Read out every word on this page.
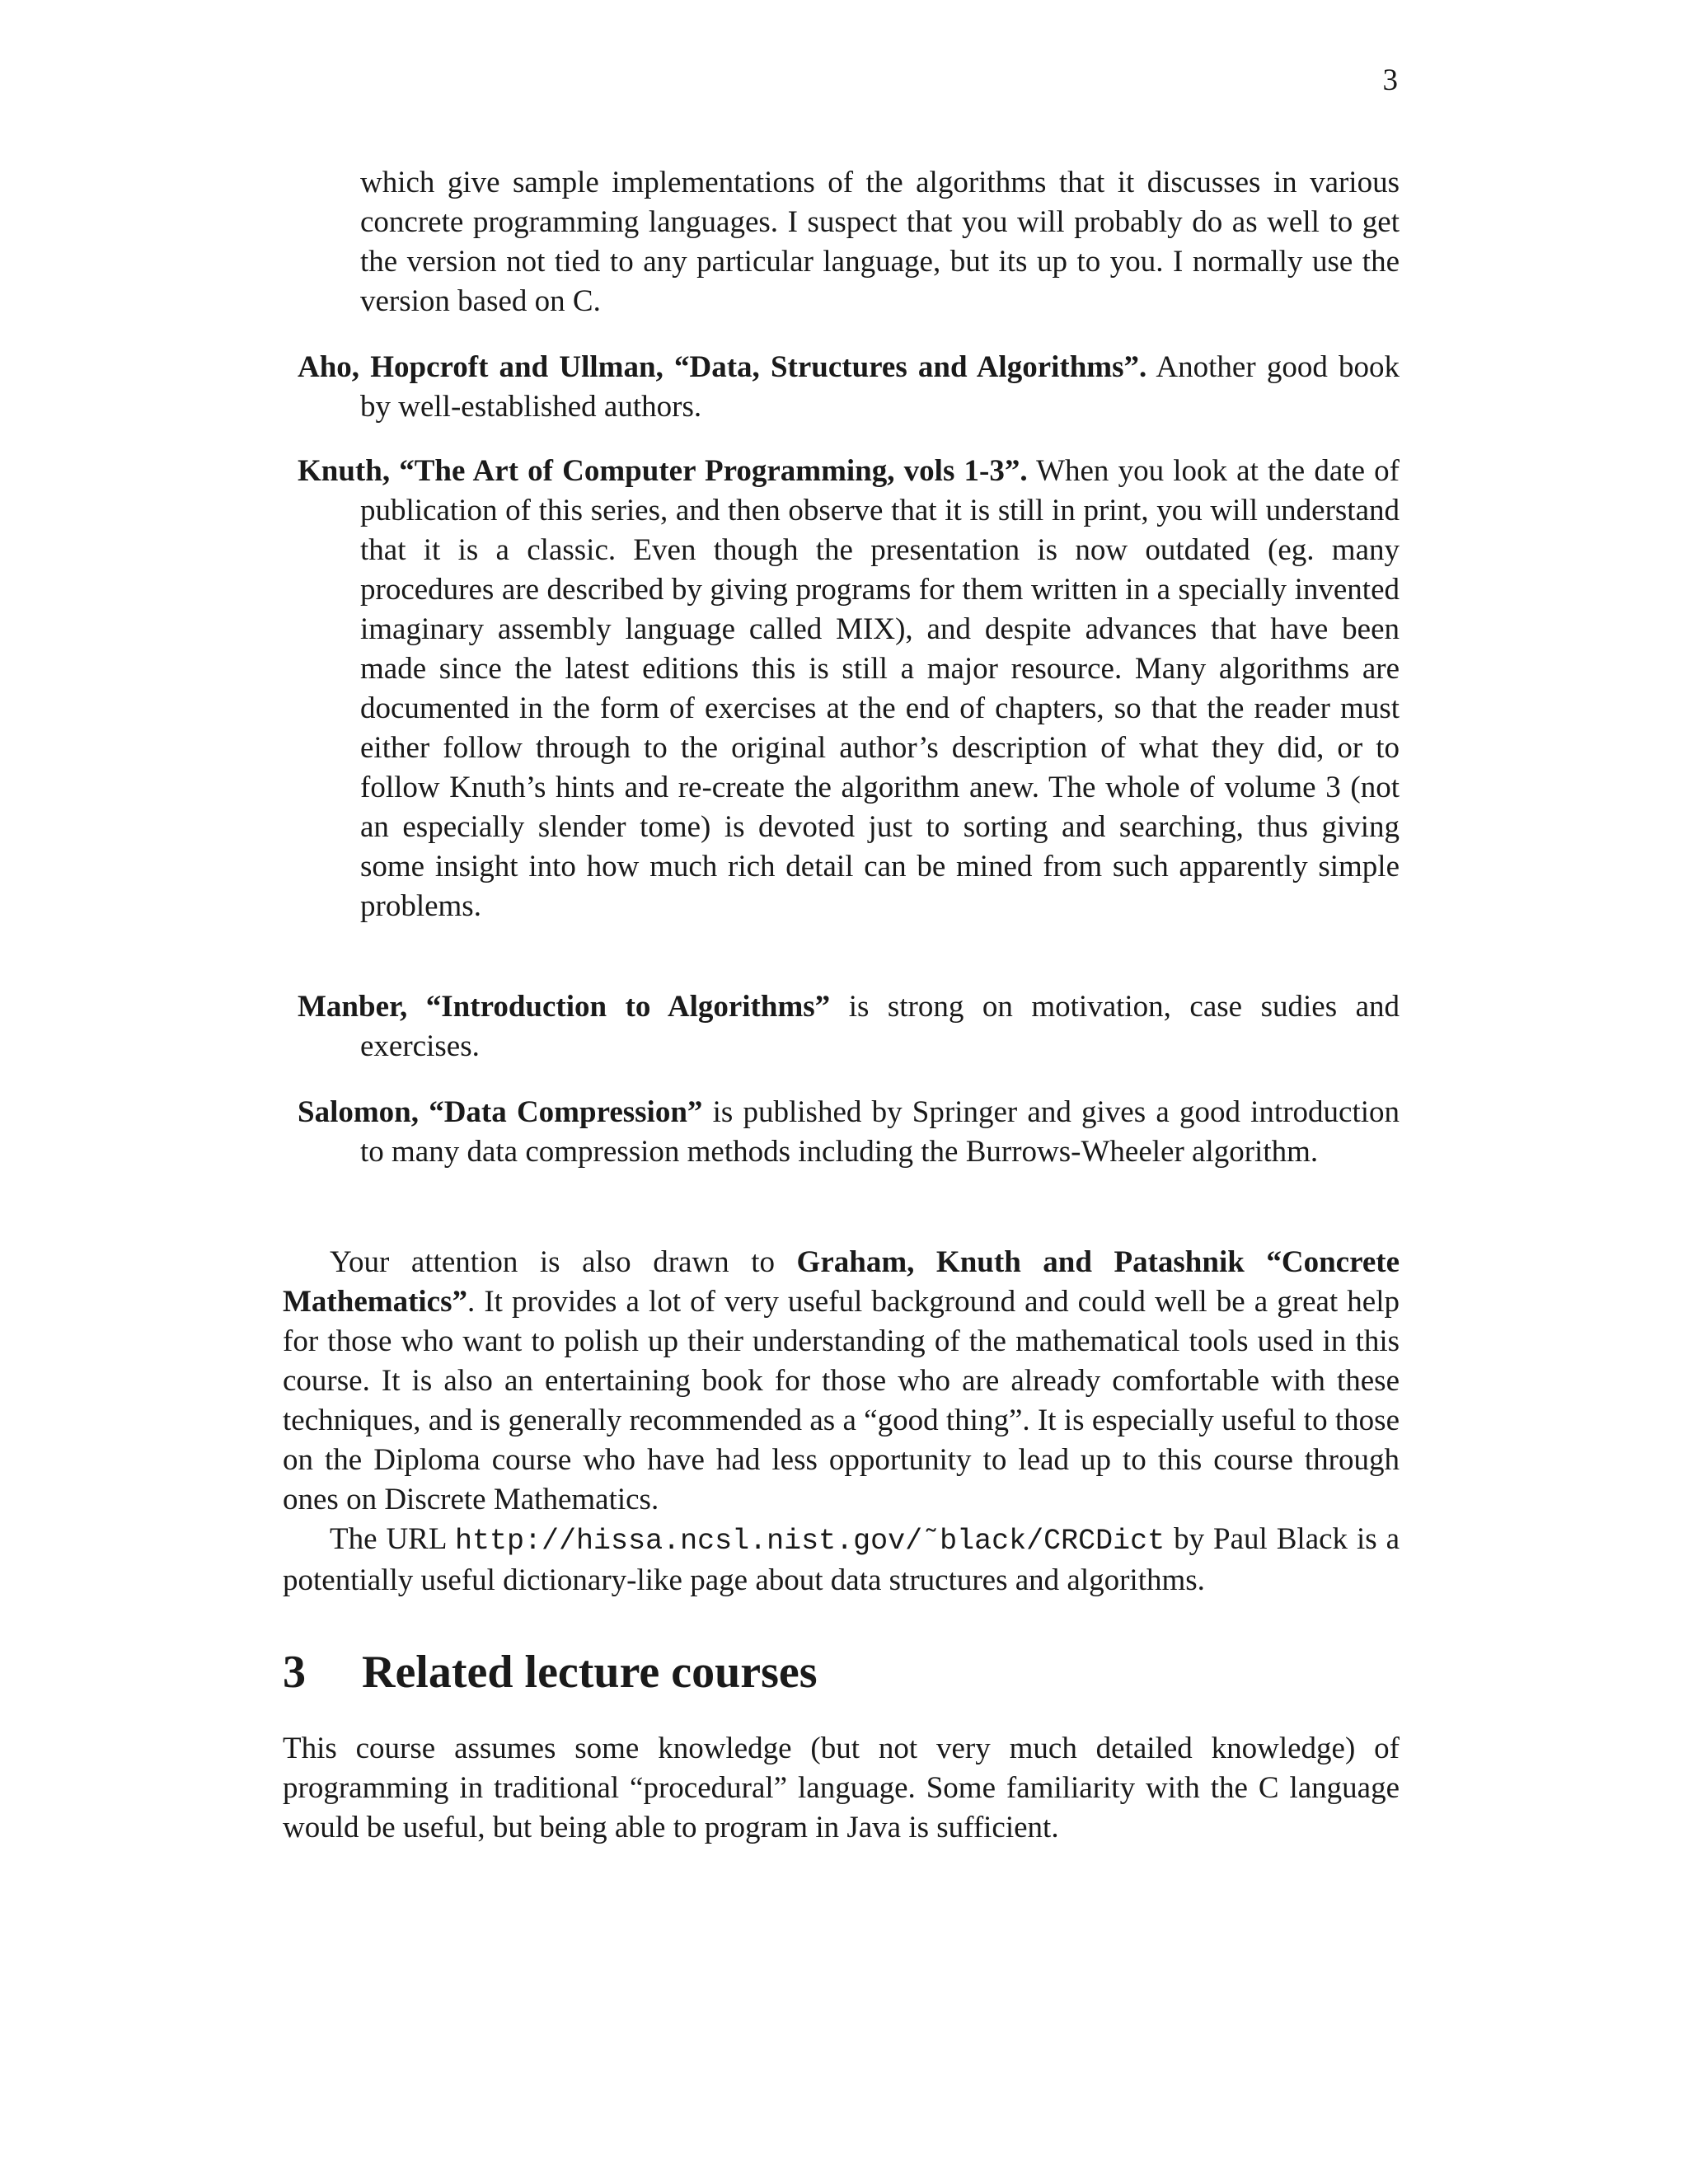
3
which give sample implementations of the algorithms that it discusses in various concrete programming languages. I suspect that you will probably do as well to get the version not tied to any particular language, but its up to you. I normally use the version based on C.
Aho, Hopcroft and Ullman, “Data, Structures and Algorithms”. Another good book by well-established authors.
Knuth, “The Art of Computer Programming, vols 1-3”. When you look at the date of publication of this series, and then observe that it is still in print, you will understand that it is a classic. Even though the presentation is now outdated (eg. many procedures are described by giving programs for them written in a specially invented imaginary assembly language called MIX), and despite advances that have been made since the latest editions this is still a major resource. Many algorithms are documented in the form of exercises at the end of chapters, so that the reader must either follow through to the original author’s description of what they did, or to follow Knuth’s hints and re-create the algorithm anew. The whole of volume 3 (not an especially slender tome) is devoted just to sorting and searching, thus giving some insight into how much rich detail can be mined from such apparently simple problems.
Manber, “Introduction to Algorithms” is strong on motivation, case sudies and exercises.
Salomon, “Data Compression” is published by Springer and gives a good introduction to many data compression methods including the Burrows-Wheeler algorithm.

Your attention is also drawn to Graham, Knuth and Patashnik “Concrete Mathematics”. It provides a lot of very useful background and could well be a great help for those who want to polish up their understanding of the mathematical tools used in this course. It is also an entertaining book for those who are already comfortable with these techniques, and is generally recommended as a “good thing”. It is especially useful to those on the Diploma course who have had less opportunity to lead up to this course through ones on Discrete Mathematics.

The URL http://hissa.ncsl.nist.gov/˜black/CRCDict by Paul Black is a potentially useful dictionary-like page about data structures and algorithms.

3 Related lecture courses

This course assumes some knowledge (but not very much detailed knowledge) of programming in traditional “procedural” language. Some familiarity with the C language would be useful, but being able to program in Java is sufficient.
